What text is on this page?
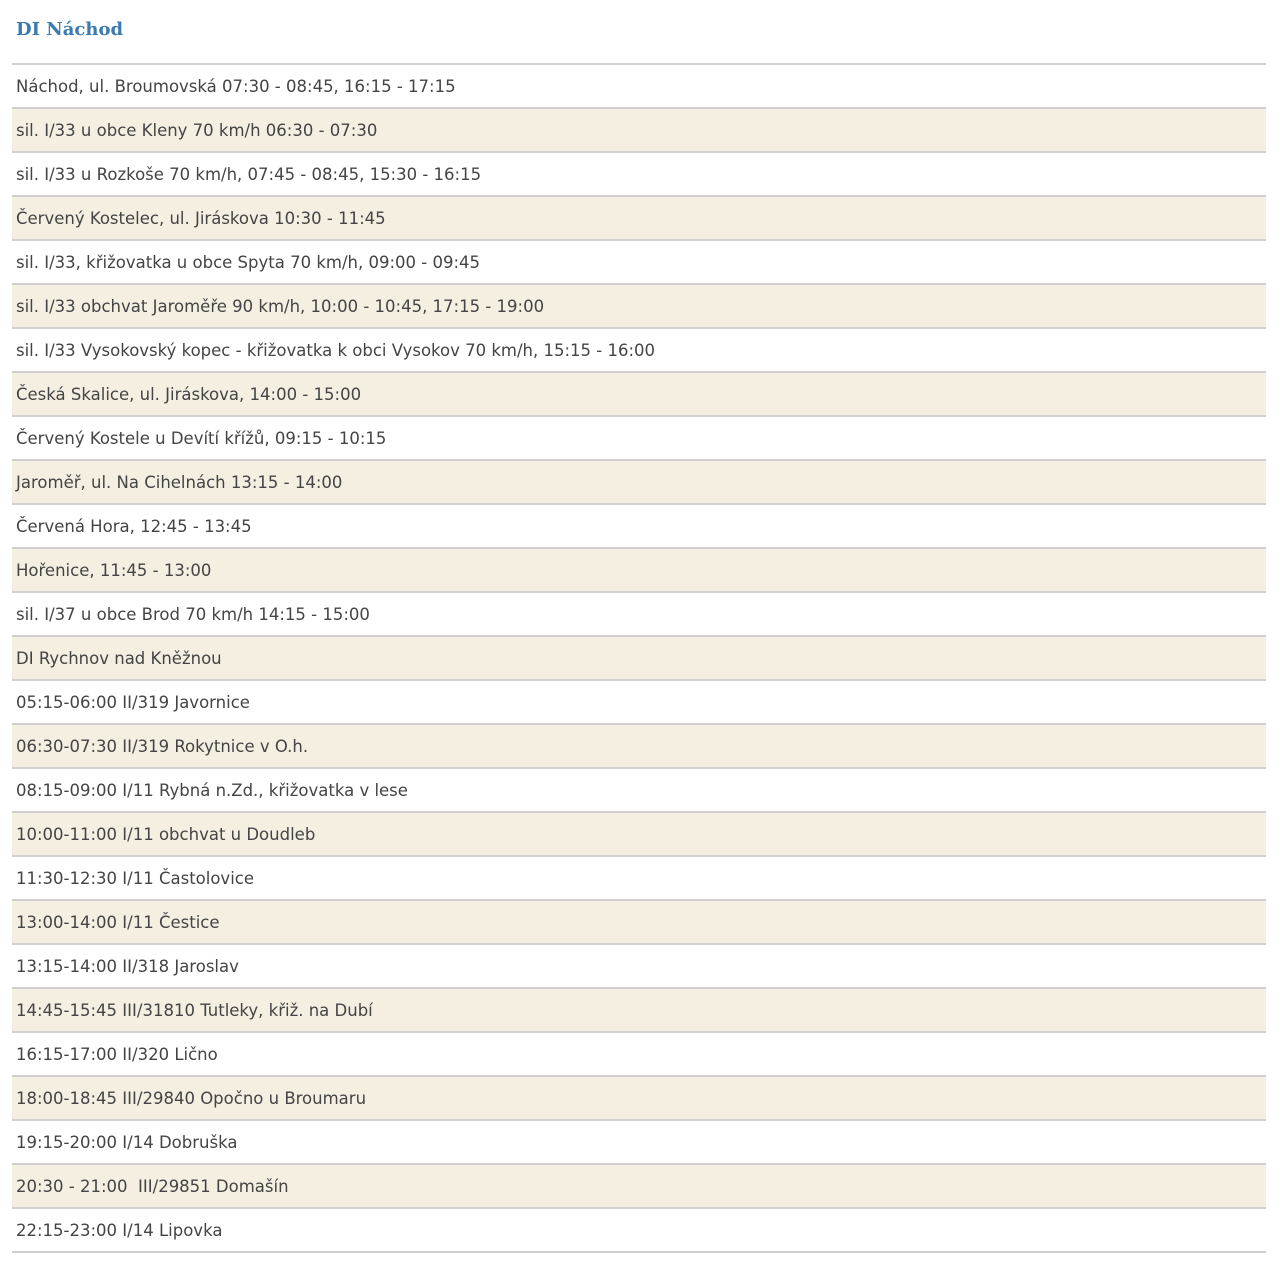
DI Náchod
Náchod, ul. Broumovská 07:30 - 08:45, 16:15 - 17:15
sil. I/33 u obce Kleny 70 km/h 06:30 - 07:30
sil. I/33 u Rozkoše 70 km/h, 07:45 - 08:45, 15:30 - 16:15
Červený Kostelec, ul. Jiráskova 10:30 - 11:45
sil. I/33, křižovatka u obce Spyta 70 km/h, 09:00 - 09:45
sil. I/33 obchvat Jaroměře 90 km/h, 10:00 - 10:45, 17:15 - 19:00
sil. I/33 Vysokovský kopec - křižovatka k obci Vysokov 70 km/h, 15:15 - 16:00
Česká Skalice, ul. Jiráskova, 14:00 - 15:00
Červený Kostele u Devítí křížů, 09:15 - 10:15
Jaroměř, ul. Na Cihelnách 13:15 - 14:00
Červená Hora, 12:45 - 13:45
Hořenice, 11:45 - 13:00
sil. I/37 u obce Brod 70 km/h 14:15 - 15:00
DI Rychnov nad Kněžnou
05:15-06:00 II/319 Javornice
06:30-07:30 II/319 Rokytnice v O.h.
08:15-09:00 I/11 Rybná n.Zd., křižovatka v lese
10:00-11:00 I/11 obchvat u Doudleb
11:30-12:30 I/11 Častolovice
13:00-14:00 I/11 Čestice
13:15-14:00 II/318 Jaroslav
14:45-15:45 III/31810 Tutleky, křiž. na Dubí
16:15-17:00 II/320 Lično
18:00-18:45 III/29840 Opočno u Broumaru
19:15-20:00 I/14 Dobruška
20:30 - 21:00  III/29851 Domašín
22:15-23:00 I/14 Lipovka
